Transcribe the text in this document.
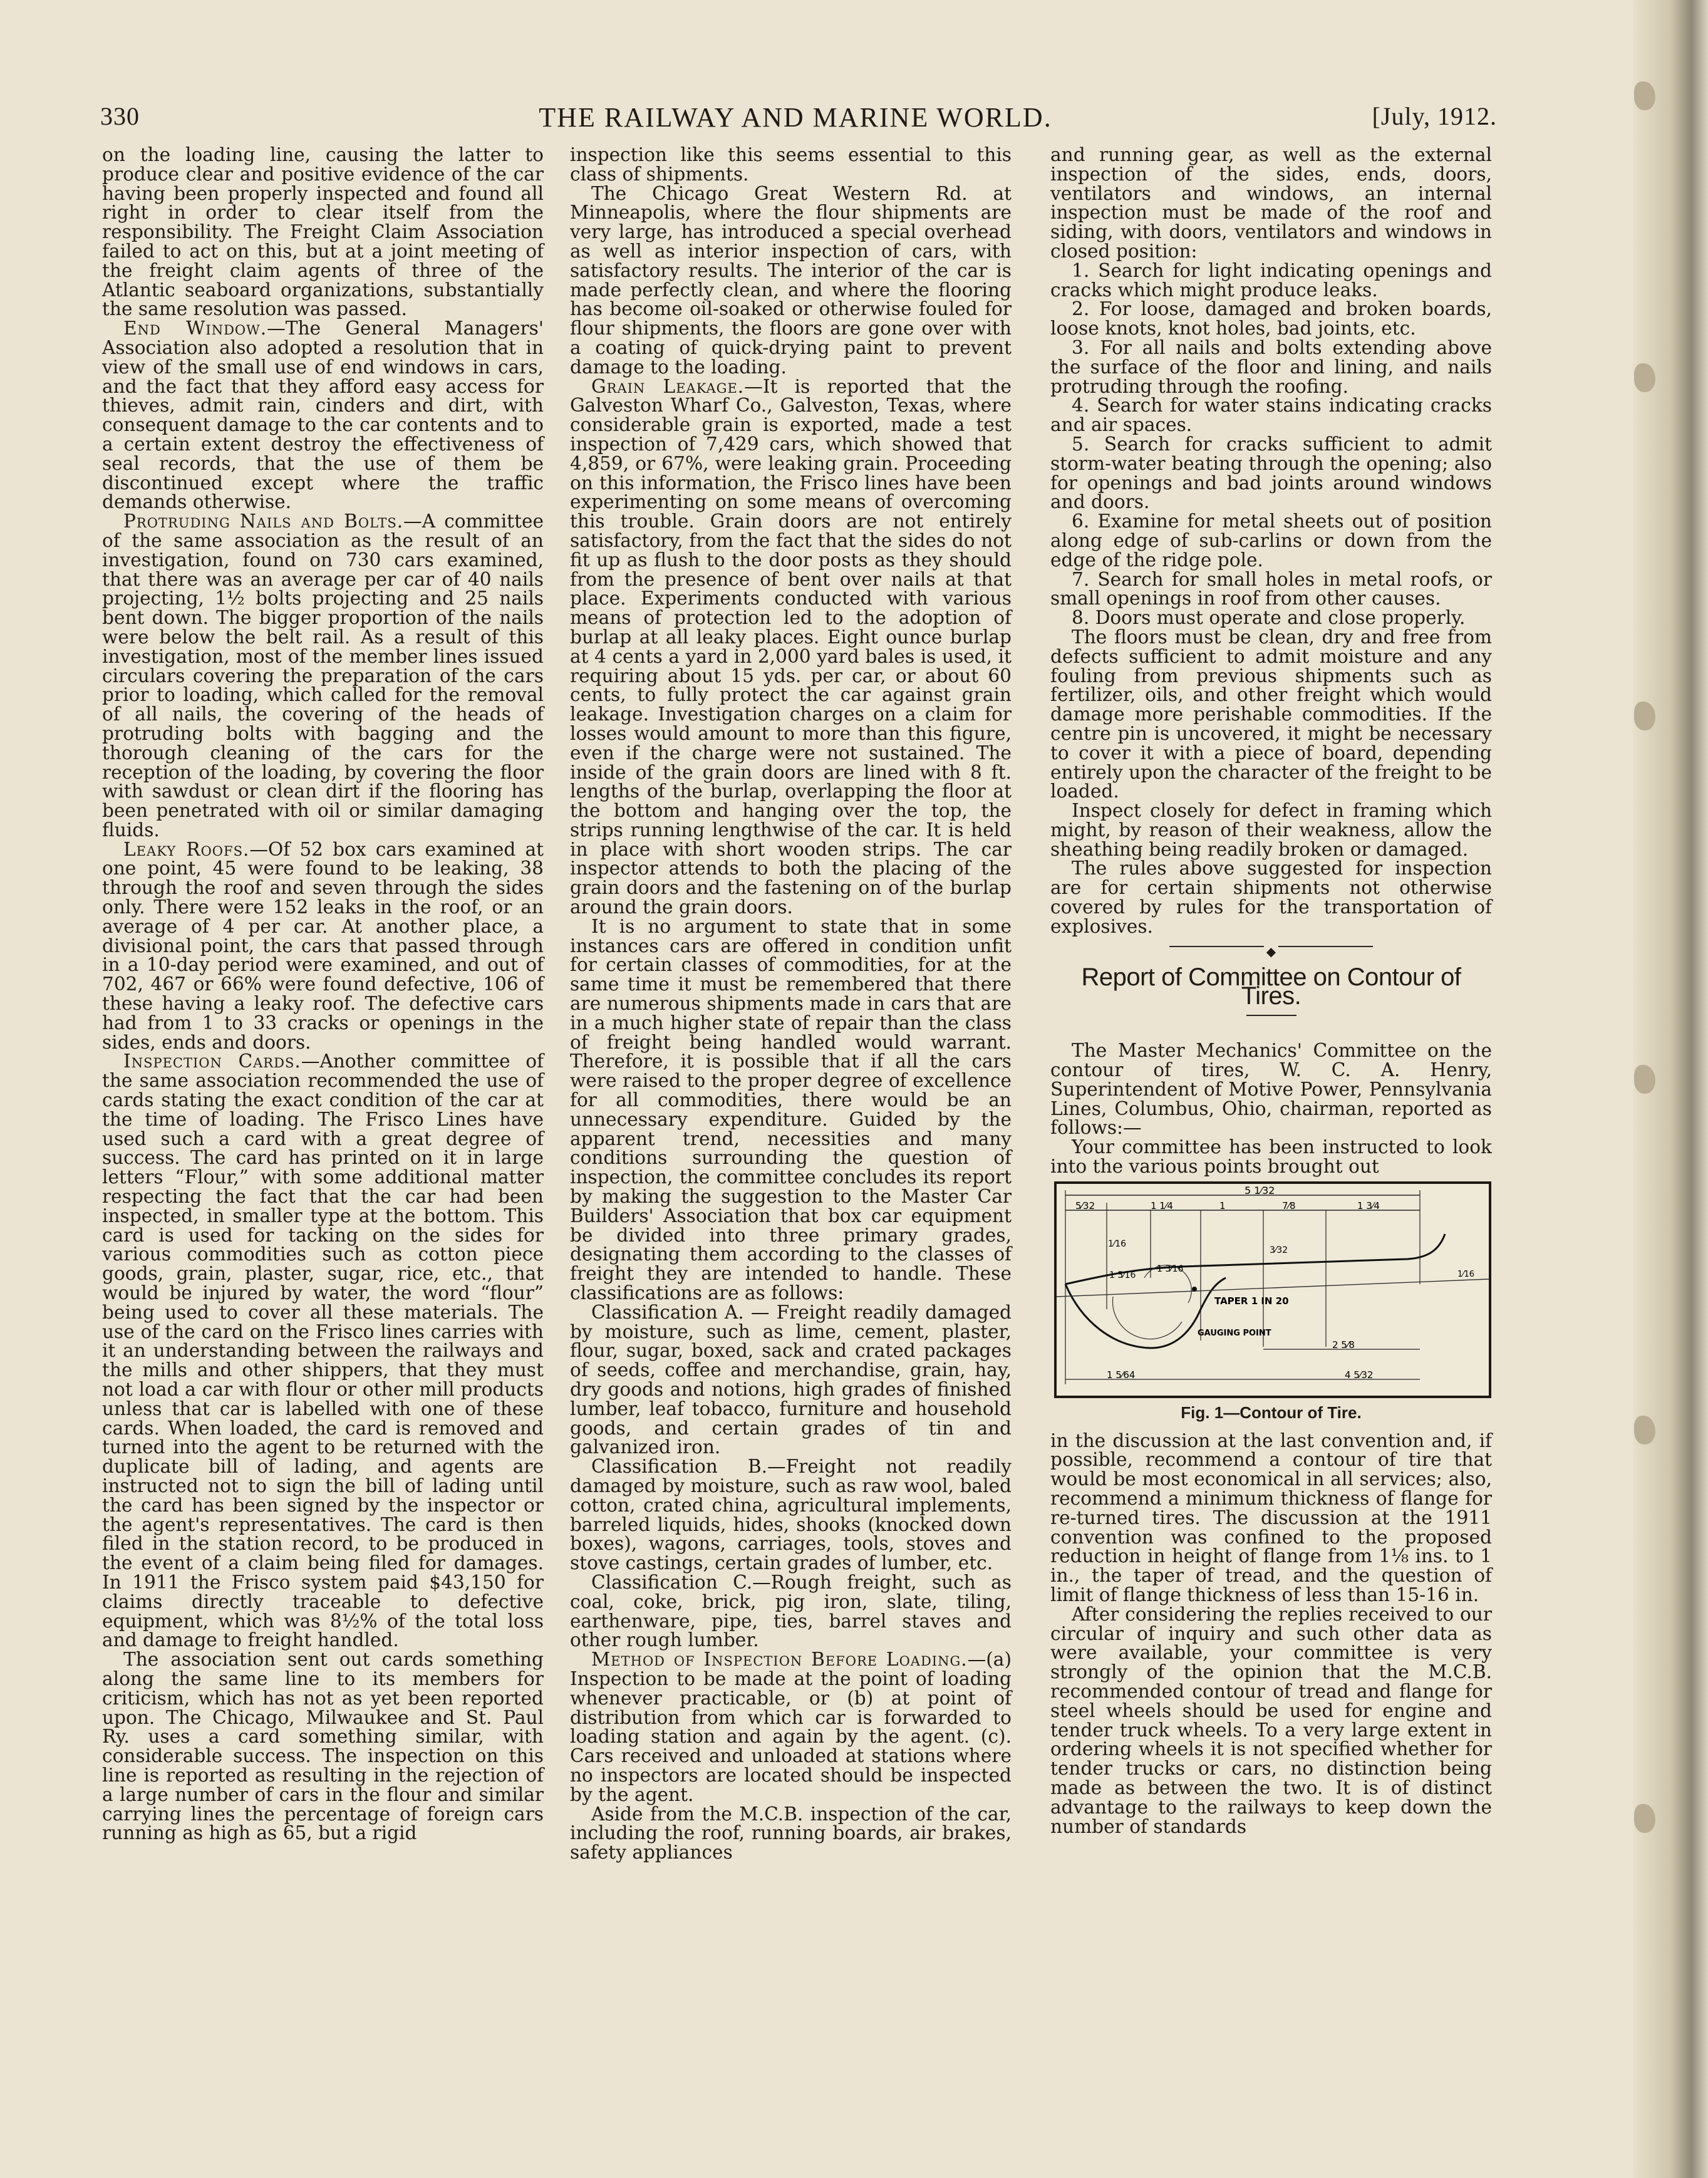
330	THE RAILWAY AND MARINE WORLD.	[July, 1912.

on the loading line, causing the latter to produce clear and positive evidence of the car having been properly inspected and found all right in order to clear itself from the responsibility. The Freight Claim Association failed to act on this, but at a joint meeting of the freight claim agents of three of the Atlantic seaboard organizations, substantially the same resolution was passed.

End Window.—The General Managers' Association also adopted a resolution that in view of the small use of end windows in cars, and the fact that they afford easy access for thieves, admit rain, cinders and dirt, with consequent damage to the car contents and to a certain extent destroy the effectiveness of seal records, that the use of them be discontinued except where the traffic demands otherwise.

Protruding Nails and Bolts.—A committee of the same association as the result of an investigation, found on 730 cars examined, that there was an average per car of 40 nails projecting, 1½ bolts projecting and 25 nails bent down. The bigger proportion of the nails were below the belt rail. As a result of this investigation, most of the member lines issued circulars covering the preparation of the cars prior to loading, which called for the removal of all nails, the covering of the heads of protruding bolts with bagging and the thorough cleaning of the cars for the reception of the loading, by covering the floor with sawdust or clean dirt if the flooring has been penetrated with oil or similar damaging fluids.

Leaky Roofs.—Of 52 box cars examined at one point, 45 were found to be leaking, 38 through the roof and seven through the sides only. There were 152 leaks in the roof, or an average of 4 per car. At another place, a divisional point, the cars that passed through in a 10-day period were examined, and out of 702, 467 or 66% were found defective, 106 of these having a leaky roof. The defective cars had from 1 to 33 cracks or openings in the sides, ends and doors.

Inspection Cards.—Another committee of the same association recommended the use of cards stating the exact condition of the car at the time of loading. The Frisco Lines have used such a card with a great degree of success. The card has printed on it in large letters “Flour,” with some additional matter respecting the fact that the car had been inspected, in smaller type at the bottom. This card is used for tacking on the sides for various commodities such as cotton piece goods, grain, plaster, sugar, rice, etc., that would be injured by water, the word “flour” being used to cover all these materials. The use of the card on the Frisco lines carries with it an understanding between the railways and the mills and other shippers, that they must not load a car with flour or other mill products unless that car is labelled with one of these cards. When loaded, the card is removed and turned into the agent to be returned with the duplicate bill of lading, and agents are instructed not to sign the bill of lading until the card has been signed by the inspector or the agent's representatives. The card is then filed in the station record, to be produced in the event of a claim being filed for damages. In 1911 the Frisco system paid $43,150 for claims directly traceable to defective equipment, which was 8½% of the total loss and damage to freight handled.

The association sent out cards something along the same line to its members for criticism, which has not as yet been reported upon. The Chicago, Milwaukee and St. Paul Ry. uses a card something similar, with considerable success. The inspection on this line is reported as resulting in the rejection of a large number of cars in the flour and similar carrying lines the percentage of foreign cars running as high as 65, but a rigid

inspection like this seems essential to this class of shipments.

The Chicago Great Western Rd. at Minneapolis, where the flour shipments are very large, has introduced a special overhead as well as interior inspection of cars, with satisfactory results. The interior of the car is made perfectly clean, and where the flooring has become oil-soaked or otherwise fouled for flour shipments, the floors are gone over with a coating of quick-drying paint to prevent damage to the loading.

Grain Leakage.—It is reported that the Galveston Wharf Co., Galveston, Texas, where considerable grain is exported, made a test inspection of 7,429 cars, which showed that 4,859, or 67%, were leaking grain. Proceeding on this information, the Frisco lines have been experimenting on some means of overcoming this trouble. Grain doors are not entirely satisfactory, from the fact that the sides do not fit up as flush to the door posts as they should from the presence of bent over nails at that place. Experiments conducted with various means of protection led to the adoption of burlap at all leaky places. Eight ounce burlap at 4 cents a yard in 2,000 yard bales is used, it requiring about 15 yds. per car, or about 60 cents, to fully protect the car against grain leakage. Investigation charges on a claim for losses would amount to more than this figure, even if the charge were not sustained. The inside of the grain doors are lined with 8 ft. lengths of the burlap, overlapping the floor at the bottom and hanging over the top, the strips running lengthwise of the car. It is held in place with short wooden strips. The car inspector attends to both the placing of the grain doors and the fastening on of the burlap around the grain doors.

It is no argument to state that in some instances cars are offered in condition unfit for certain classes of commodities, for at the same time it must be remembered that there are numerous shipments made in cars that are in a much higher state of repair than the class of freight being handled would warrant. Therefore, it is possible that if all the cars were raised to the proper degree of excellence for all commodities, there would be an unnecessary expenditure. Guided by the apparent trend, necessities and many conditions surrounding the question of inspection, the committee concludes its report by making the suggestion to the Master Car Builders' Association that box car equipment be divided into three primary grades, designating them according to the classes of freight they are intended to handle. These classifications are as follows:

Classification A. — Freight readily damaged by moisture, such as lime, cement, plaster, flour, sugar, boxed, sack and crated packages of seeds, coffee and merchandise, grain, hay, dry goods and notions, high grades of finished lumber, leaf tobacco, furniture and household goods, and certain grades of tin and galvanized iron.

Classification B.—Freight not readily damaged by moisture, such as raw wool, baled cotton, crated china, agricultural implements, barreled liquids, hides, shooks (knocked down boxes), wagons, carriages, tools, stoves and stove castings, certain grades of lumber, etc.

Classification C.—Rough freight, such as coal, coke, brick, pig iron, slate, tiling, earthenware, pipe, ties, barrel staves and other rough lumber.

Method of Inspection Before Loading.—(a) Inspection to be made at the point of loading whenever practicable, or (b) at point of distribution from which car is forwarded to loading station and again by the agent. (c). Cars received and unloaded at stations where no inspectors are located should be inspected by the agent.

Aside from the M.C.B. inspection of the car, including the roof, running boards, air brakes, safety appliances

and running gear, as well as the external inspection of the sides, ends, doors, ventilators and windows, an internal inspection must be made of the roof and siding, with doors, ventilators and windows in closed position:

1. Search for light indicating openings and cracks which might produce leaks.

2. For loose, damaged and broken boards, loose knots, knot holes, bad joints, etc.

3. For all nails and bolts extending above the surface of the floor and lining, and nails protruding through the roofing.

4. Search for water stains indicating cracks and air spaces.

5. Search for cracks sufficient to admit storm-water beating through the opening; also for openings and bad joints around windows and doors.

6. Examine for metal sheets out of position along edge of sub-carlins or down from the edge of the ridge pole.

7. Search for small holes in metal roofs, or small openings in roof from other causes.

8. Doors must operate and close properly.

The floors must be clean, dry and free from defects sufficient to admit moisture and any fouling from previous shipments such as fertilizer, oils, and other freight which would damage more perishable commodities. If the centre pin is uncovered, it might be necessary to cover it with a piece of board, depending entirely upon the character of the freight to be loaded.

Inspect closely for defect in framing which might, by reason of their weakness, allow the sheathing being readily broken or damaged.

The rules above suggested for inspection are for certain shipments not otherwise covered by rules for the transportation of explosives.

◆
Report of Committee on Contour of Tires.

The Master Mechanics' Committee on the contour of tires, W. C. A. Henry, Superintendent of Motive Power, Pennsylvania Lines, Columbus, Ohio, chairman, reported as follows:—

Your committee has been instructed to look into the various points brought out

5 1⁄32
5⁄32	1 1⁄4	1	7⁄8	1 3⁄4
1⁄16
1 5⁄16
1 3⁄16
3⁄32
TAPER 1 IN 20
GAUGING POINT
2 5⁄8
1 5⁄64	4 5⁄32
1⁄16
Fig. 1—Contour of Tire.

in the discussion at the last convention and, if possible, recommend a contour of tire that would be most economical in all services; also, recommend a minimum thickness of flange for re-turned tires. The discussion at the 1911 convention was confined to the proposed reduction in height of flange from 1⅛ ins. to 1 in., the taper of tread, and the question of limit of flange thickness of less than 15-16 in.

After considering the replies received to our circular of inquiry and such other data as were available, your committee is very strongly of the opinion that the M.C.B. recommended contour of tread and flange for steel wheels should be used for engine and tender truck wheels. To a very large extent in ordering wheels it is not specified whether for tender trucks or cars, no distinction being made as between the two. It is of distinct advantage to the railways to keep down the number of standards
